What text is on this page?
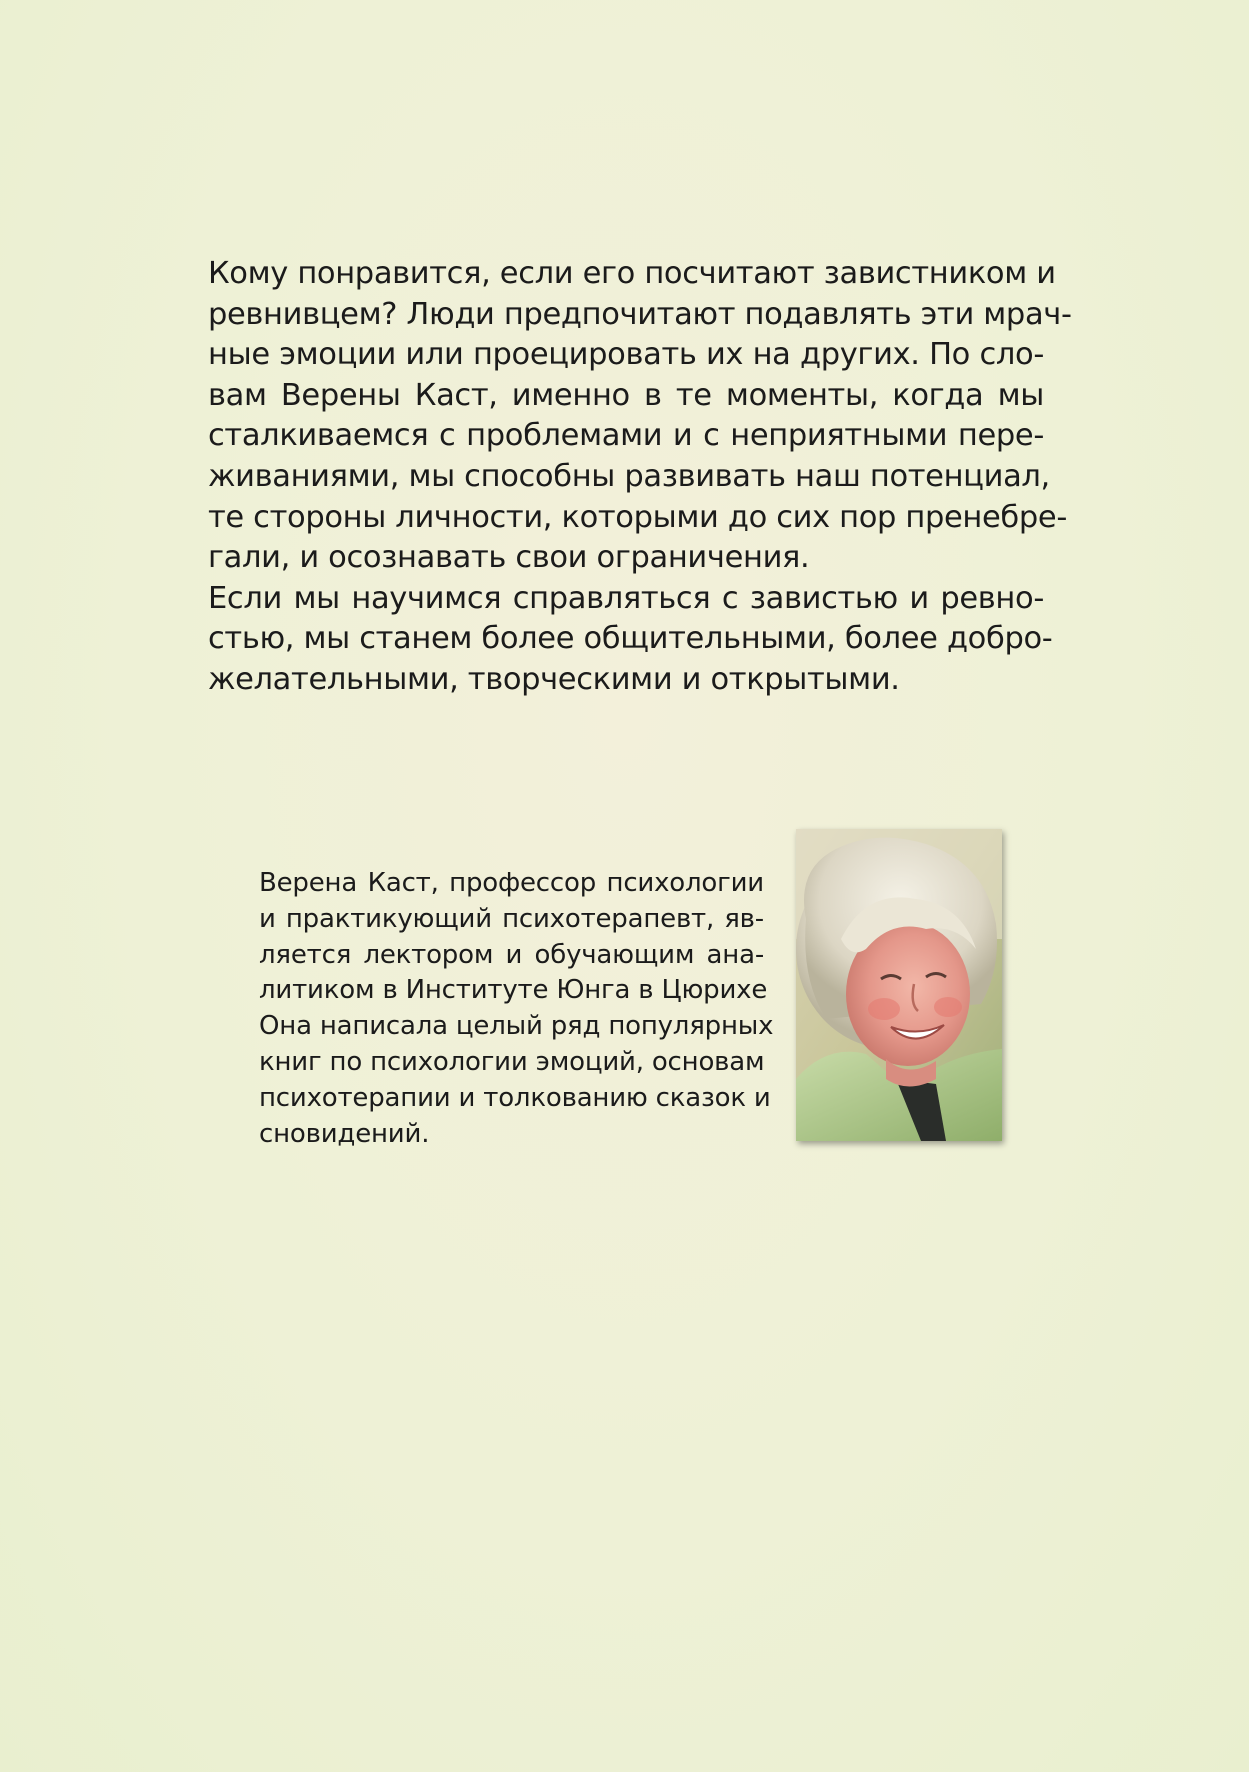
Кому понравится, если его посчитают завистником и
ревнивцем? Люди предпочитают подавлять эти мрач-
ные эмоции или проецировать их на других. По сло-
вам Верены Каст, именно в те моменты, когда мы
сталкиваемся с проблемами и с неприятными пере-
живаниями, мы способны развивать наш потенциал,
те стороны личности, которыми до сих пор пренебре-
гали, и осознавать свои ограничения.

Если мы научимся справляться с завистью и ревно-
стью, мы станем более общительными, более добро-
желательными, творческими и открытыми.

Верена Каст, профессор психологии
и практикующий психотерапевт, яв-
ляется лектором и обучающим ана-
литиком в Институте Юнга в Цюрихе
Она написала целый ряд популярных
книг по психологии эмоций, основам
психотерапии и толкованию сказок и
сновидений.
